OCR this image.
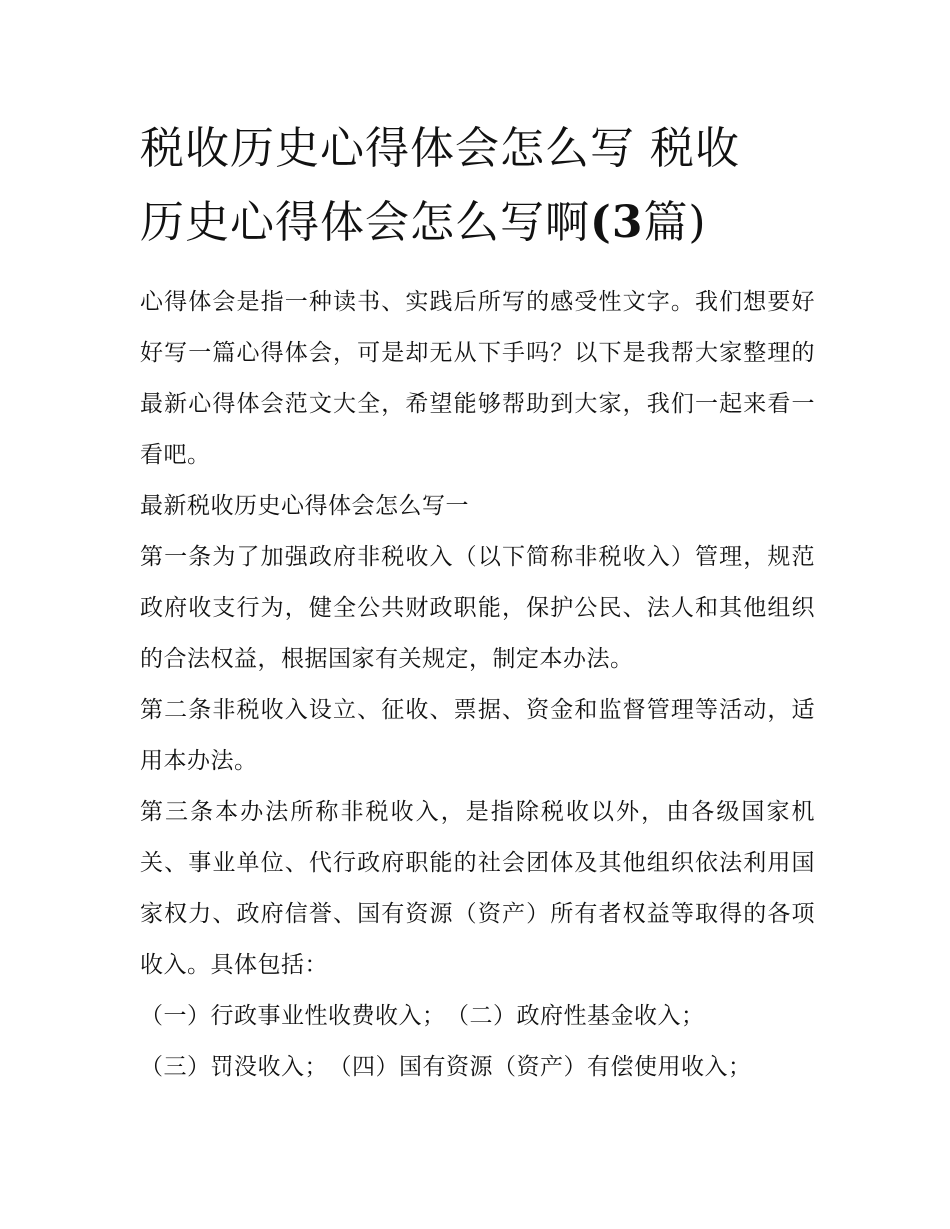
税收历史心得体会怎么写 税收
历史心得体会怎么写啊(3篇)

心得体会是指一种读书、实践后所写的感受性文字。我们想要好好写一篇心得体会，可是却无从下手吗？以下是我帮大家整理的最新心得体会范文大全，希望能够帮助到大家，我们一起来看一看吧。

最新税收历史心得体会怎么写一

第一条为了加强政府非税收入（以下简称非税收入）管理，规范政府收支行为，健全公共财政职能，保护公民、法人和其他组织的合法权益，根据国家有关规定，制定本办法。

第二条非税收入设立、征收、票据、资金和监督管理等活动，适用本办法。

第三条本办法所称非税收入，是指除税收以外，由各级国家机关、事业单位、代行政府职能的社会团体及其他组织依法利用国家权力、政府信誉、国有资源（资产）所有者权益等取得的各项收入。具体包括：

（一）行政事业性收费收入；　（二）政府性基金收入；

（三）罚没收入；　（四）国有资源（资产）有偿使用收入；
